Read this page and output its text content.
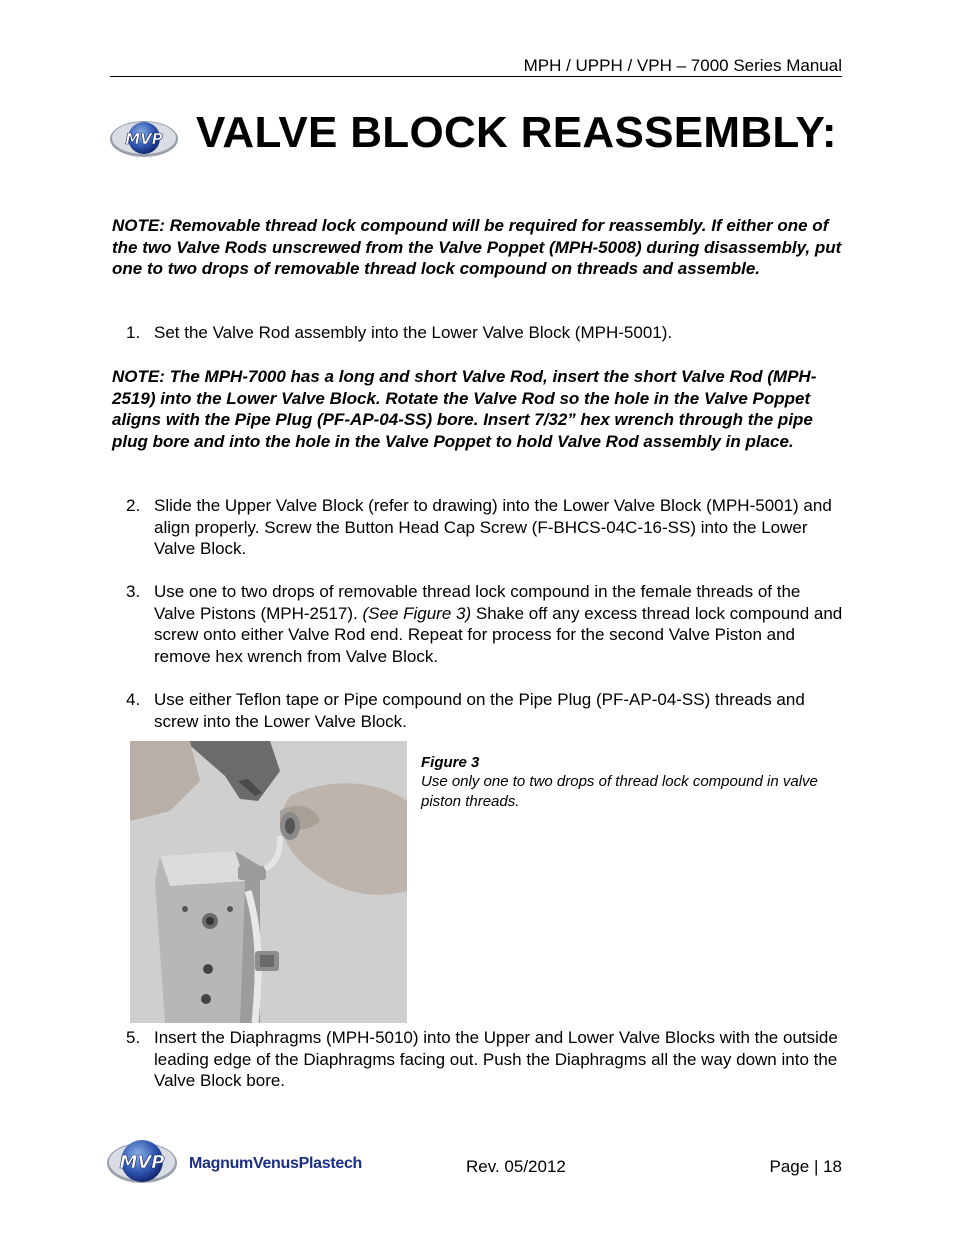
MPH / UPPH / VPH – 7000 Series Manual
MVP VALVE BLOCK REASSEMBLY:
NOTE: Removable thread lock compound will be required for reassembly. If either one of the two Valve Rods unscrewed from the Valve Poppet (MPH-5008) during disassembly, put one to two drops of removable thread lock compound on threads and assemble.
1. Set the Valve Rod assembly into the Lower Valve Block (MPH-5001).
NOTE: The MPH-7000 has a long and short Valve Rod, insert the short Valve Rod (MPH-2519) into the Lower Valve Block. Rotate the Valve Rod so the hole in the Valve Poppet aligns with the Pipe Plug (PF-AP-04-SS) bore. Insert 7/32” hex wrench through the pipe plug bore and into the hole in the Valve Poppet to hold Valve Rod assembly in place.
2. Slide the Upper Valve Block (refer to drawing) into the Lower Valve Block (MPH-5001) and align properly. Screw the Button Head Cap Screw (F-BHCS-04C-16-SS) into the Lower Valve Block.
3. Use one to two drops of removable thread lock compound in the female threads of the Valve Pistons (MPH-2517). (See Figure 3) Shake off any excess thread lock compound and screw onto either Valve Rod end. Repeat for process for the second Valve Piston and remove hex wrench from Valve Block.
4. Use either Teflon tape or Pipe compound on the Pipe Plug (PF-AP-04-SS) threads and screw into the Lower Valve Block.
Figure 3
Use only one to two drops of thread lock compound in valve piston threads.
5. Insert the Diaphragms (MPH-5010) into the Upper and Lower Valve Blocks with the outside leading edge of the Diaphragms facing out. Push the Diaphragms all the way down into the Valve Block bore.
MVP MagnumVenusPlastech	Rev. 05/2012	Page | 18
